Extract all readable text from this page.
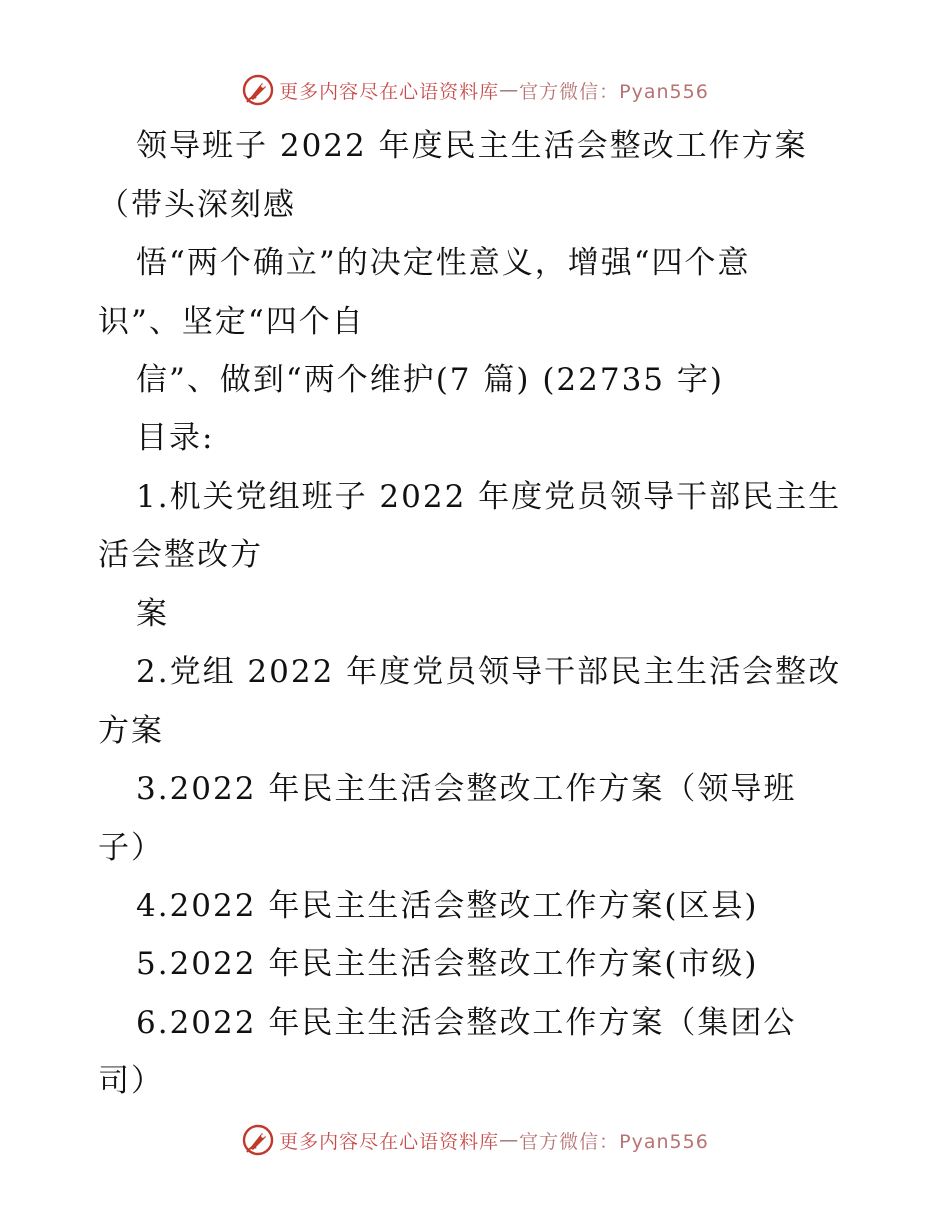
更多内容尽在心语资料库 — 官方微信：Pyan556
领导班子 2022 年度民主生活会整改工作方案
（带头深刻感
悟“两个确立”的决定性意义，增强“四个意
识”、坚定“四个自
信”、做到“两个维护(7 篇) (22735 字)
目录:
1.机关党组班子 2022 年度党员领导干部民主生
活会整改方
案
2.党组 2022 年度党员领导干部民主生活会整改
方案
3.2022 年民主生活会整改工作方案（领导班
子）
4.2022 年民主生活会整改工作方案(区县)
5.2022 年民主生活会整改工作方案(市级)
6.2022 年民主生活会整改工作方案（集团公
司）
更多内容尽在心语资料库 — 官方微信：Pyan556
